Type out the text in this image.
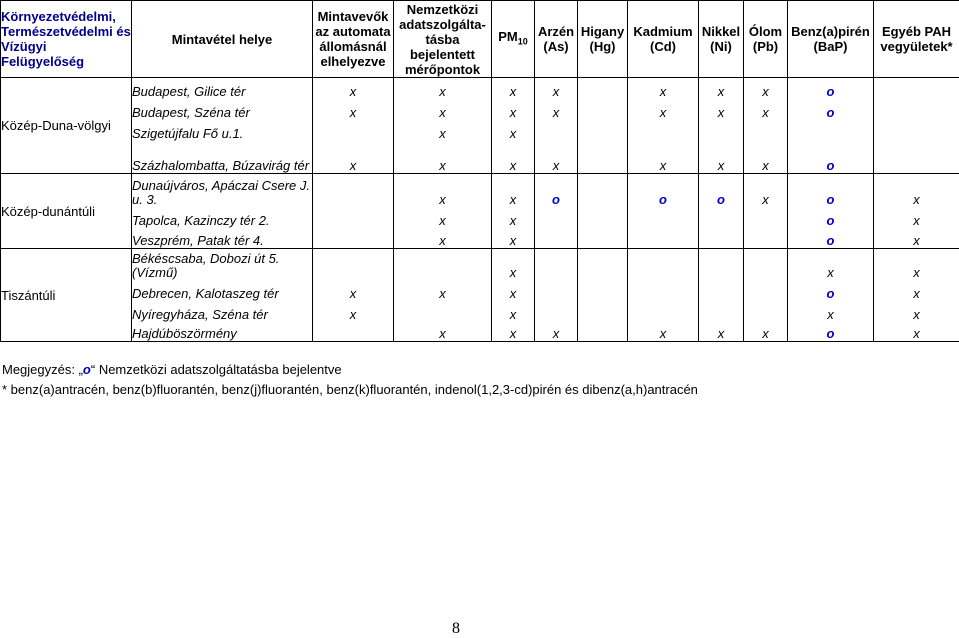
Környezetvédelmi, Természetvédelmi és Vízügyi Felügyelőség	Mintavétel helye	Mintavevők az automata állomásnál elhelyezve	Nemzetközi adatszolgálta-tásba bejelentett mérőpontok	$PM_{10}$	Arzén (As)	Higany (Hg)	Kadmium (Cd)	Nikkel (Ni)	Ólom (Pb)	Benz(a)pirén (BaP)	Egyéb PAH vegyületek*
Közép-Duna-völgyi	Budapest, Gilice tér	x	x	x	x		x	x	x	o	
	Budapest, Széna tér	x	x	x	x		x	x	x	o	
	Szigetújfalu Fő u.1.		x	x							
	Százhalombatta, Búzavirág tér	x	x	x	x		x	x	x	o	
Közép-dunántúli	Dunaújváros, Apáczai Csere J. u. 3.		x	x	o		o	o	x	o	x
	Tapolca, Kazinczy tér 2.		x	x						o	x
	Veszprém, Patak tér 4.		x	x						o	x
Tiszántúli	Békéscsaba, Dobozi út 5. (Vízmű)			x						x	x
	Debrecen, Kalotaszeg tér	x	x	x						o	x
	Nyíregyháza, Széna tér	x		x						x	x
	Hajdúböszörmény		x	x	x		x	x	x	o	x
Megjegyzés: „o“ Nemzetközi adatszolgáltatásba bejelentve
* benz(a)antracén, benz(b)fluorantén, benz(j)fluorantén, benz(k)fluorantén, indenol(1,2,3-cd)pirén és dibenz(a,h)antracén
8
